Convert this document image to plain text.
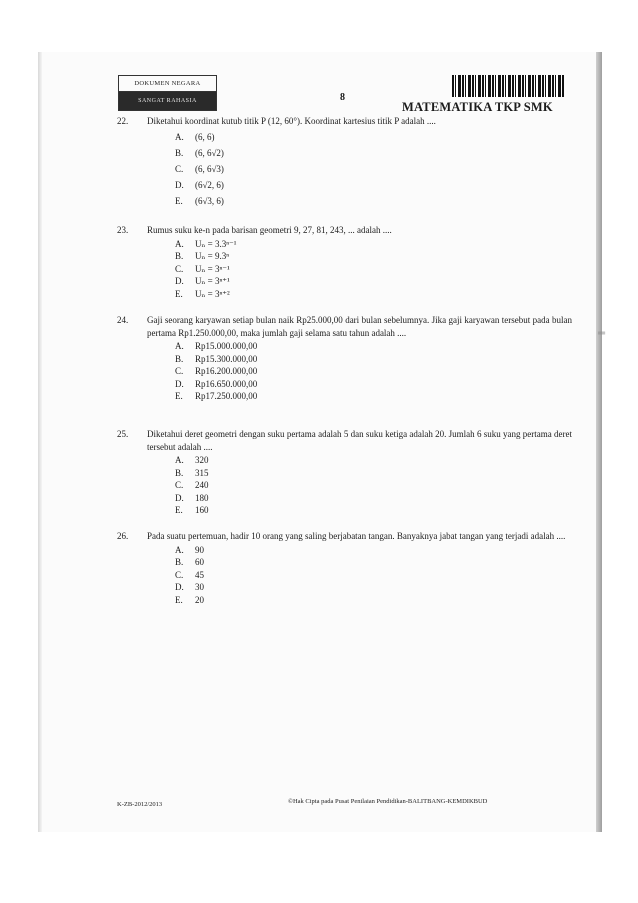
═
DOKUMEN NEGARA
SANGAT RAHASIA	8
MATEMATIKA TKP SMK
22. Diketahui koordinat kutub titik P (12, 60°). Koordinat kartesius titik P adalah ....
A.	(6, 6)
B.	(6, 6√2)
C.	(6, 6√3)
D.	(6√2, 6)
E.	(6√3, 6)
23. Rumus suku ke-n pada barisan geometri 9, 27, 81, 243, ... adalah ....
A.	Uₙ = 3.3ⁿ⁻¹
B.	Uₙ = 9.3ⁿ
C.	Uₙ = 3ⁿ⁻¹
D.	Uₙ = 3ⁿ⁺¹
E.	Uₙ = 3ⁿ⁺²
24. Gaji seorang karyawan setiap bulan naik Rp25.000,00 dari bulan sebelumnya. Jika gaji karyawan tersebut pada bulan pertama Rp1.250.000,00, maka jumlah gaji selama satu tahun adalah ....
A.	Rp15.000.000,00
B.	Rp15.300.000,00
C.	Rp16.200.000,00
D.	Rp16.650.000,00
E.	Rp17.250.000,00
25. Diketahui deret geometri dengan suku pertama adalah 5 dan suku ketiga adalah 20. Jumlah 6 suku yang pertama deret tersebut adalah ....
A.	320
B.	315
C.	240
D.	180
E.	160
26. Pada suatu pertemuan, hadir 10 orang yang saling berjabatan tangan. Banyaknya jabat tangan yang terjadi adalah ....
A.	90
B.	60
C.	45
D.	30
E.	20
K-ZB-2012/2013	©Hak Cipta pada Pusat Penilaian Pendidikan-BALITBANG-KEMDIKBUD
